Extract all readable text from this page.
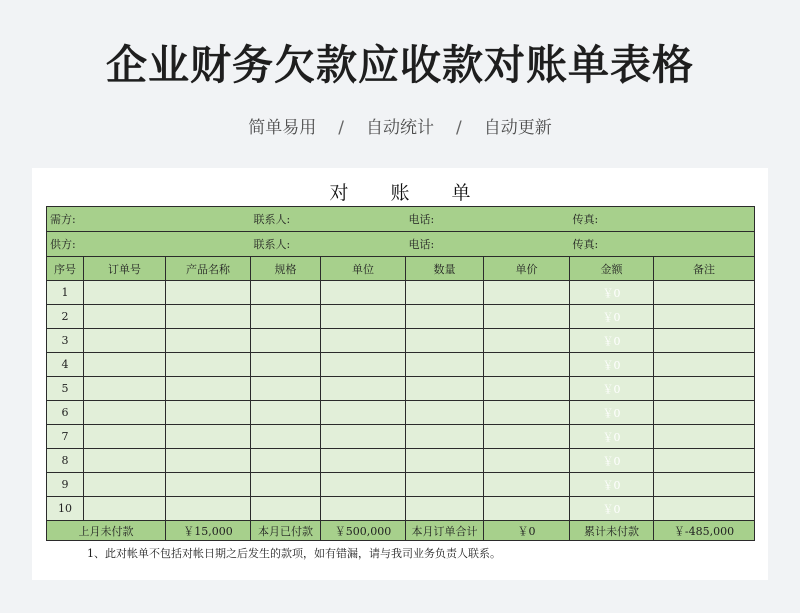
企业财务欠款应收款对账单表格
简单易用 / 自动统计 / 自动更新
对 账 单
需方:			联系人:		电话:		传真:	
供方:			联系人:		电话:		传真:	
序号	订单号	产品名称	规格	单位	数量	单价	金额	备注
1							￥0	
2							￥0	
3							￥0	
4							￥0	
5							￥0	
6							￥0	
7							￥0	
8							￥0	
9							￥0	
10							￥0	
上月未付款		￥15,000	本月已付款	￥500,000	本月订单合计	￥0	累计未付款	￥-485,000
1、此对帐单不包括对帐日期之后发生的款项，如有错漏，请与我司业务负责人联系。
